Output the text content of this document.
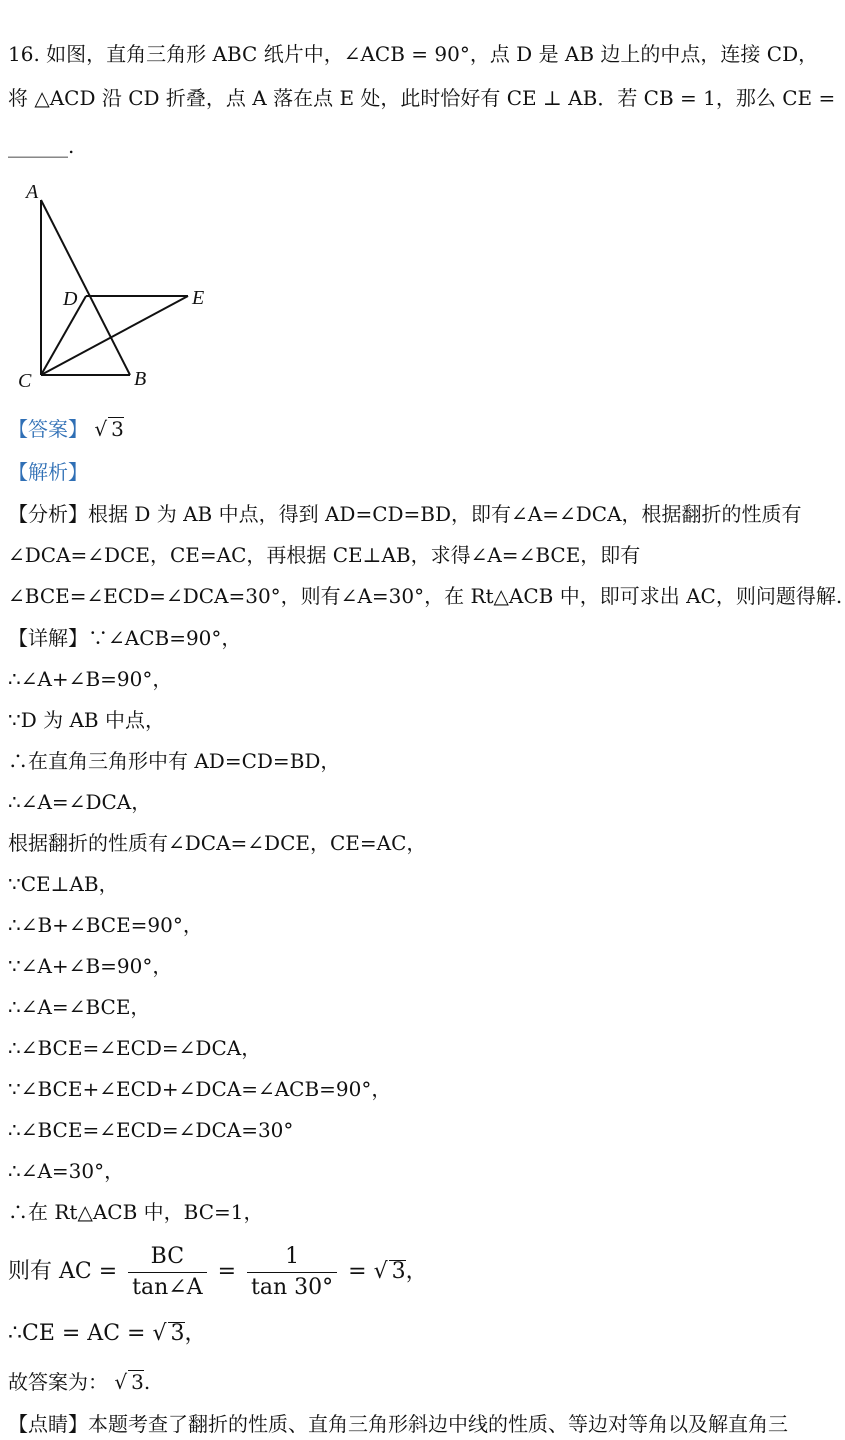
16. 如图，直角三角形 ABC 纸片中，∠ACB = 90°，点 D 是 AB 边上的中点，连接 CD，
将 △ACD 沿 CD 折叠，点 A 落在点 E 处，此时恰好有 CE ⊥ AB．若 CB = 1，那么 CE =
______.
A
D	E
C	B
【答案】 √ 3
【解析】
【分析】根据 D 为 AB 中点，得到 AD=CD=BD，即有∠A=∠DCA，根据翻折的性质有
∠DCA=∠DCE，CE=AC，再根据 CE⊥AB，求得∠A=∠BCE，即有
∠BCE=∠ECD=∠DCA=30°，则有∠A=30°，在 Rt△ACB 中，即可求出 AC，则问题得解.
【详解】∵∠ACB=90°，
∴∠A+∠B=90°，
∵D 为 AB 中点，
∴在直角三角形中有 AD=CD=BD，
∴∠A=∠DCA，
根据翻折的性质有∠DCA=∠DCE，CE=AC，
∵CE⊥AB，
∴∠B+∠BCE=90°，
∵∠A+∠B=90°，
∴∠A=∠BCE，
∴∠BCE=∠ECD=∠DCA，
∵∠BCE+∠ECD+∠DCA=∠ACB=90°，
∴∠BCE=∠ECD=∠DCA=30°
∴∠A=30°，
∴在 Rt△ACB 中，BC=1，
则有 AC = $\frac{BC}{\tan\angle A} = \frac{1}{\tan 30^\circ}$ = √ 3，
∴CE = AC = √ 3，
故答案为： √ 3.
【点睛】本题考查了翻折的性质、直角三角形斜边中线的性质、等边对等角以及解直角三
